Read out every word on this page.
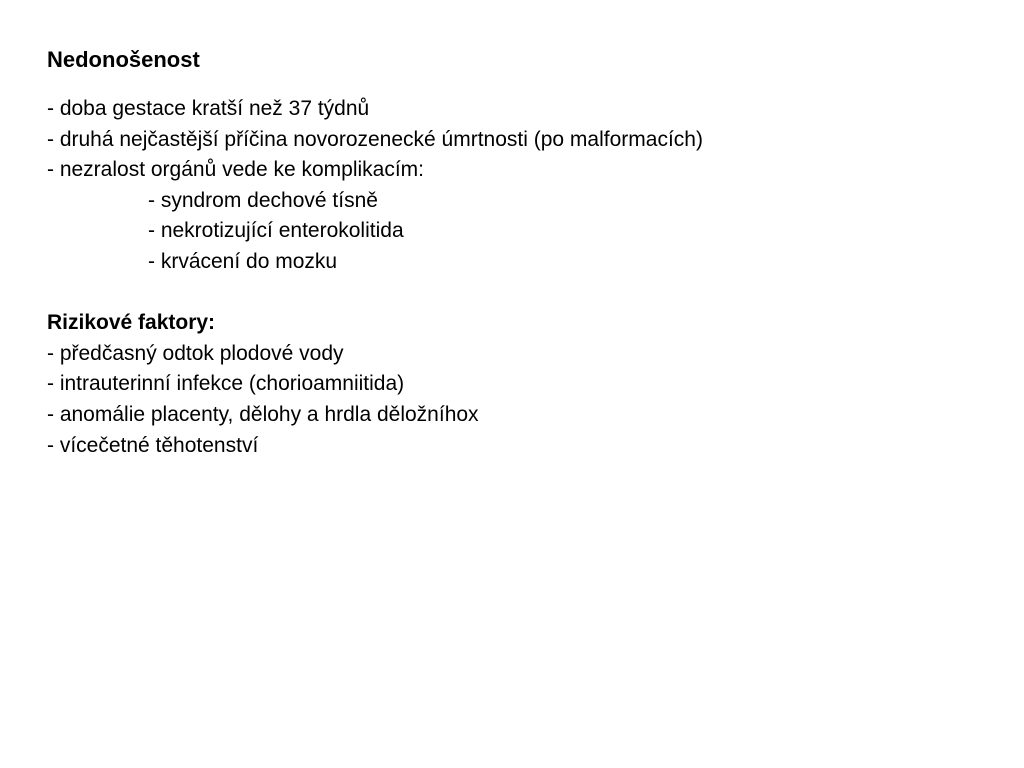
Nedonošenost
- doba gestace kratší než 37 týdnů
- druhá nejčastější příčina novorozenecké úmrtnosti (po malformacích)
- nezralost orgánů vede ke komplikacím:
- syndrom dechové tísně
- nekrotizující enterokolitida
- krvácení do mozku
Rizikové faktory:
- předčasný odtok plodové vody
- intrauterinní infekce (chorioamniitida)
- anomálie placenty, dělohy a hrdla děložníhox
- vícečetné těhotenství
